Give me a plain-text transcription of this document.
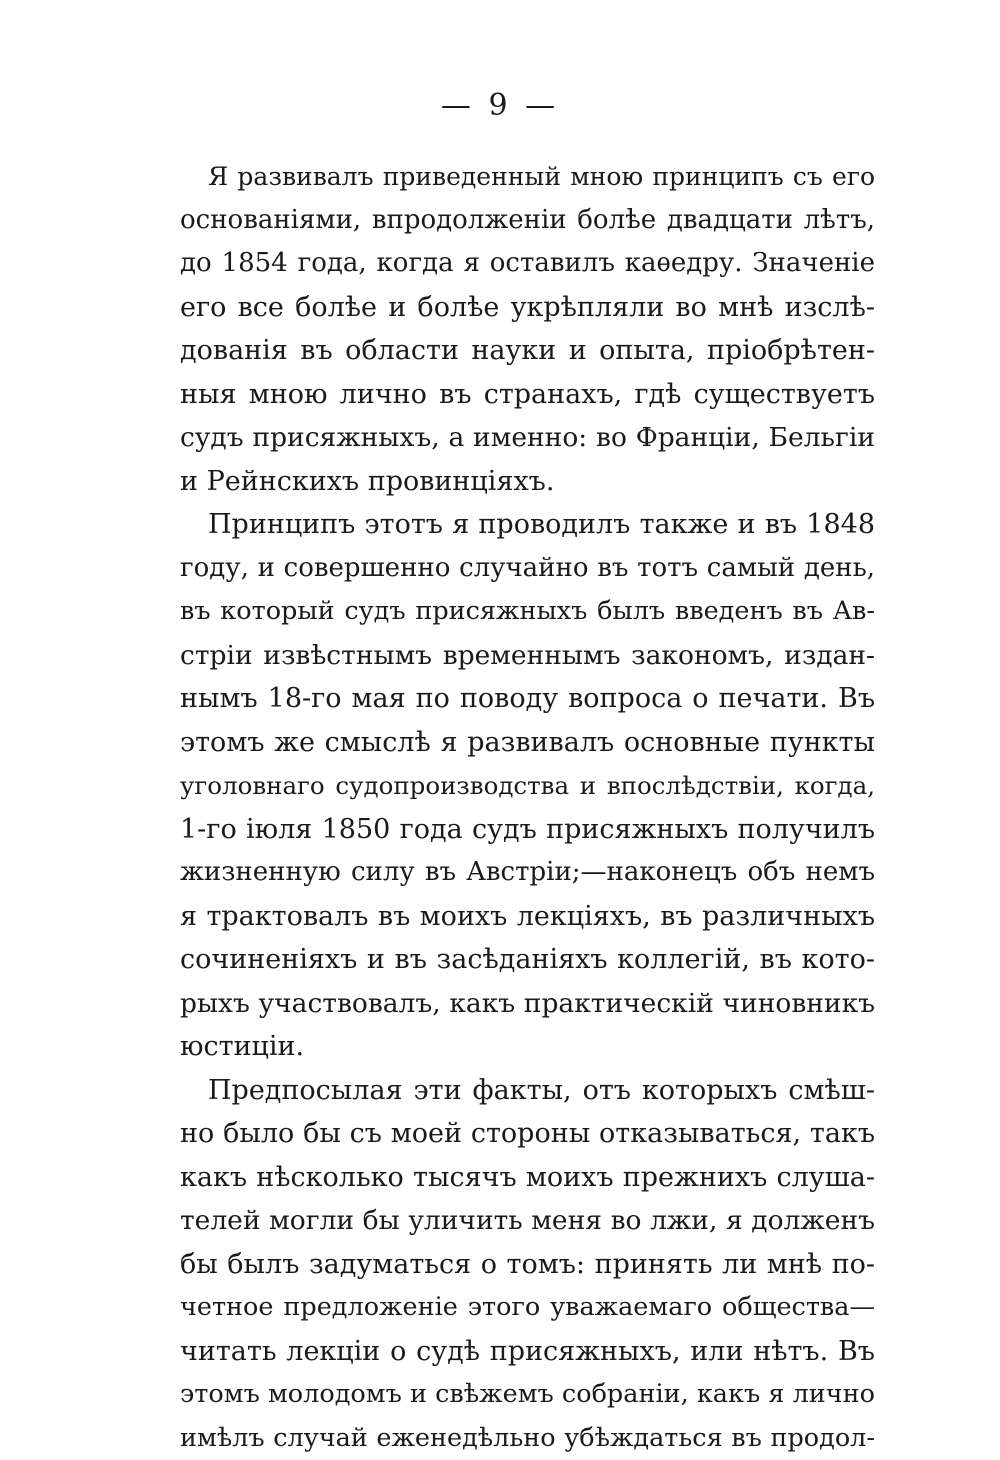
— 9 —

Я развивалъ приведенный мною принципъ съ его
основаніями, впродолженіи болѣе двадцати лѣтъ,
до 1854 года, когда я оставилъ каѳедру. Значеніе
его все болѣе и болѣе укрѣпляли во мнѣ изслѣ-
дованія въ области науки и опыта, пріобрѣтен-
ныя мною лично въ странахъ, гдѣ существуетъ
судъ присяжныхъ, а именно: во Франціи, Бельгіи
и Рейнскихъ провинціяхъ.
Принципъ этотъ я проводилъ также и въ 1848
году, и совершенно случайно въ тотъ самый день,
въ который судъ присяжныхъ былъ введенъ въ Ав-
стріи извѣстнымъ временнымъ закономъ, издан-
нымъ 18-го мая по поводу вопроса о печати. Въ
этомъ же смыслѣ я развивалъ основные пункты
уголовнаго судопроизводства и впослѣдствіи, когда,
1-го іюля 1850 года судъ присяжныхъ получилъ
жизненную силу въ Австріи;—наконецъ объ немъ
я трактовалъ въ моихъ лекціяхъ, въ различныхъ
сочиненіяхъ и въ засѣданіяхъ коллегій, въ кото-
рыхъ участвовалъ, какъ практическій чиновникъ
юстиціи.
Предпосылая эти факты, отъ которыхъ смѣш-
но было бы съ моей стороны отказываться, такъ
какъ нѣсколько тысячъ моихъ прежнихъ слуша-
телей могли бы уличить меня во лжи, я долженъ
бы былъ задуматься о томъ: принять ли мнѣ по-
четное предложеніе этого уважаемаго общества—
читать лекціи о судѣ присяжныхъ, или нѣтъ. Въ
этомъ молодомъ и свѣжемъ собраніи, какъ я лично
имѣлъ случай еженедѣльно убѣждаться въ продол-
